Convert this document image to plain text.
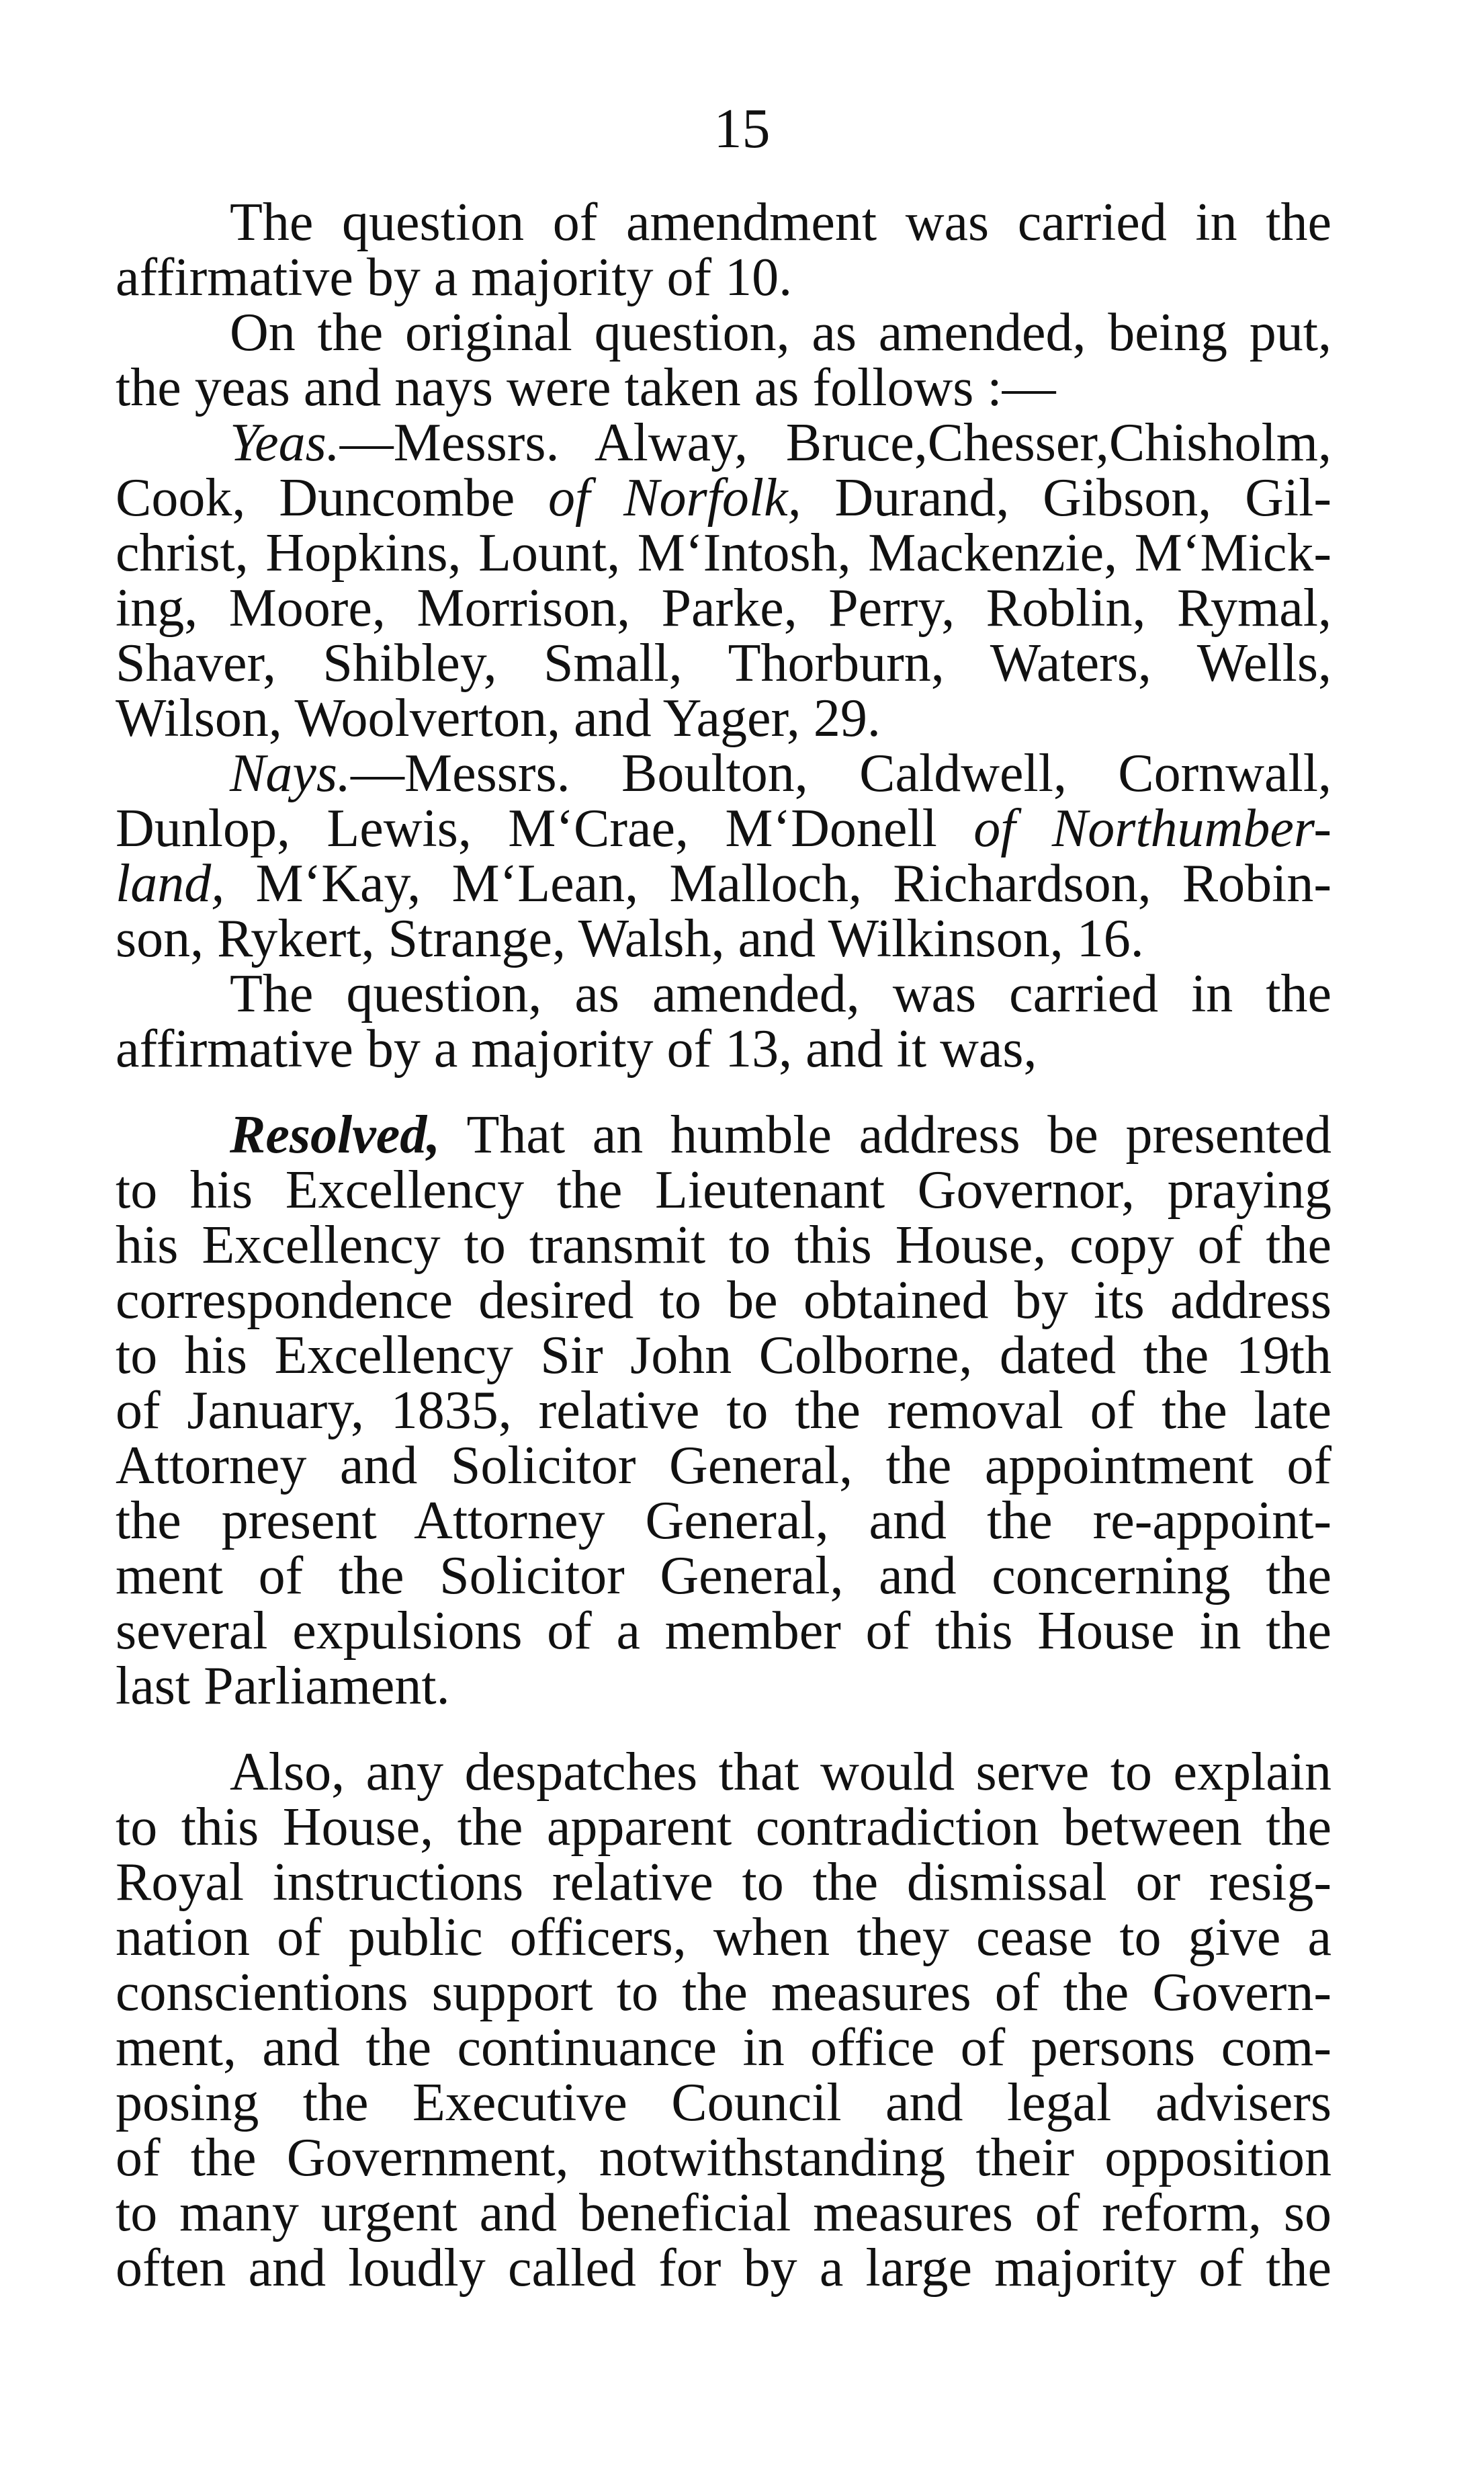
15
The question of amendment was carried in the
affirmative by a majority of 10.
On the original question, as amended, being put,
the yeas and nays were taken as follows :—
Yeas.—Messrs. Alway, Bruce,Chesser,Chisholm,
Cook, Duncombe of Norfolk, Durand, Gibson, Gil-
christ, Hopkins, Lount, M‘Intosh, Mackenzie, M‘Mick-
ing, Moore, Morrison, Parke, Perry, Roblin, Rymal,
Shaver, Shibley, Small, Thorburn, Waters, Wells,
Wilson, Woolverton, and Yager, 29.
Nays.—Messrs. Boulton, Caldwell, Cornwall,
Dunlop, Lewis, M‘Crae, M‘Donell of Northumber-
land, M‘Kay, M‘Lean, Malloch, Richardson, Robin-
son, Rykert, Strange, Walsh, and Wilkinson, 16.
The question, as amended, was carried in the
affirmative by a majority of 13, and it was,
Resolved, That an humble address be presented
to his Excellency the Lieutenant Governor, praying
his Excellency to transmit to this House, copy of the
correspondence desired to be obtained by its address
to his Excellency Sir John Colborne, dated the 19th
of January, 1835, relative to the removal of the late
Attorney and Solicitor General, the appointment of
the present Attorney General, and the re-appoint-
ment of the Solicitor General, and concerning the
several expulsions of a member of this House in the
last Parliament.
Also, any despatches that would serve to explain
to this House, the apparent contradiction between the
Royal instructions relative to the dismissal or resig-
nation of public officers, when they cease to give a
conscientions support to the measures of the Govern-
ment, and the continuance in office of persons com-
posing the Executive Council and legal advisers
of the Government, notwithstanding their opposition
to many urgent and beneficial measures of reform, so
often and loudly called for by a large majority of the
